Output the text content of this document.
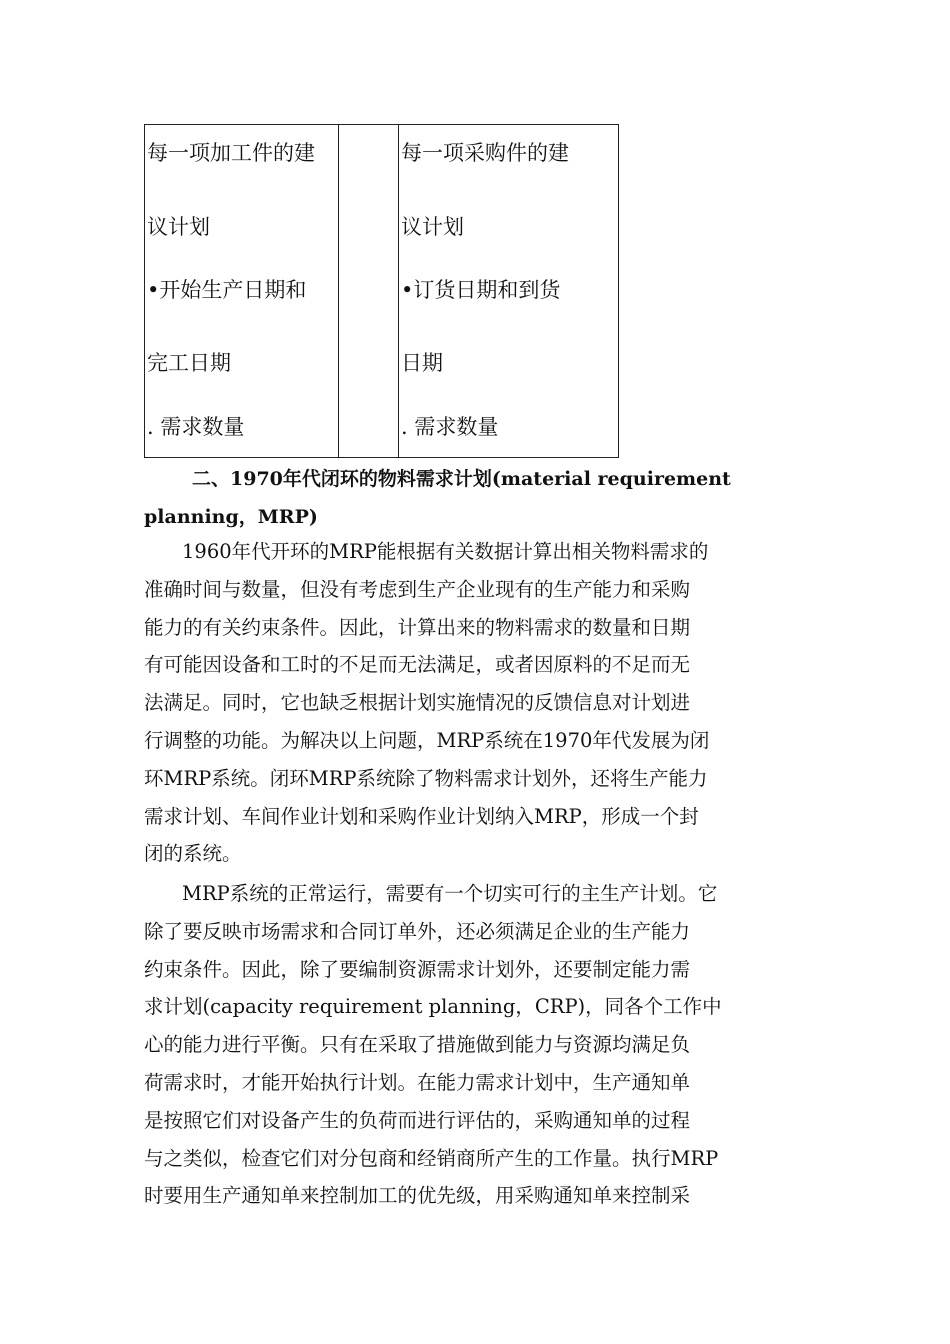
每一项加工件的建
议计划
•开始生产日期和
完工日期
. 需求数量
每一项采购件的建
议计划
•订货日期和到货
日期
. 需求数量
二、1970年代闭环的物料需求计划(material requirement
planning，MRP)
1960年代开环的MRP能根据有关数据计算出相关物料需求的
准确时间与数量，但没有考虑到生产企业现有的生产能力和采购
能力的有关约束条件。因此，计算出来的物料需求的数量和日期
有可能因设备和工时的不足而无法满足，或者因原料的不足而无
法满足。同时，它也缺乏根据计划实施情况的反馈信息对计划进
行调整的功能。为解决以上问题，MRP系统在1970年代发展为闭
环MRP系统。闭环MRP系统除了物料需求计划外，还将生产能力
需求计划、车间作业计划和采购作业计划纳入MRP，形成一个封
闭的系统。
MRP系统的正常运行，需要有一个切实可行的主生产计划。它
除了要反映市场需求和合同订单外，还必须满足企业的生产能力
约束条件。因此，除了要编制资源需求计划外，还要制定能力需
求计划(capacity requirement planning，CRP)，同各个工作中
心的能力进行平衡。只有在采取了措施做到能力与资源均满足负
荷需求时，才能开始执行计划。在能力需求计划中，生产通知单
是按照它们对设备产生的负荷而进行评估的，采购通知单的过程
与之类似，检查它们对分包商和经销商所产生的工作量。执行MRP
时要用生产通知单来控制加工的优先级，用采购通知单来控制采
